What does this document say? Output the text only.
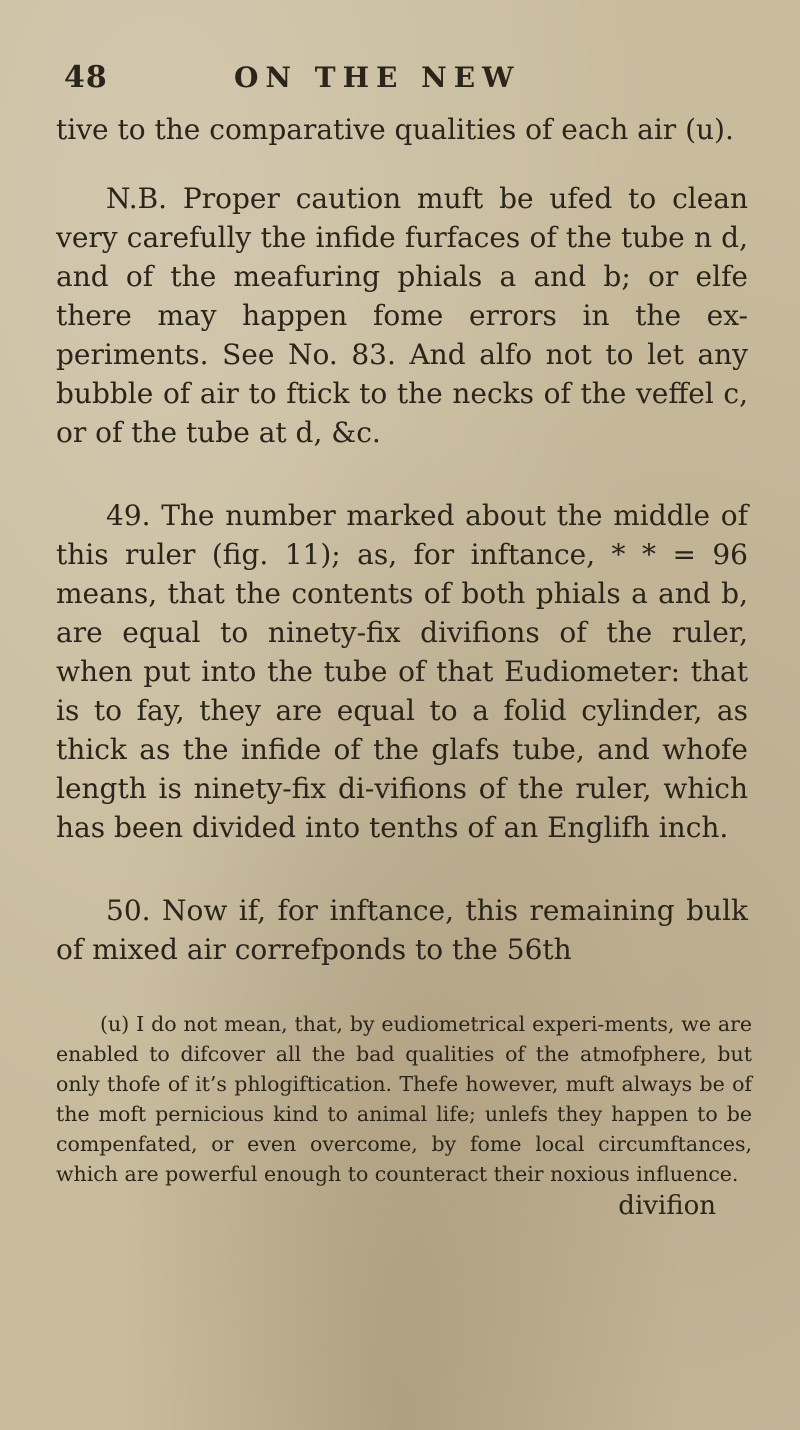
48	ON THE NEW

tive to the comparative qualities of each air (u).

N.B. Proper caution muft be ufed to clean very carefully the infide furfaces of the tube n d, and of the meafuring phials a and b; or elfe there may happen fome errors in the ex-periments. See No. 83. And alfo not to let any bubble of air to ftick to the necks of the veffel c, or of the tube at d, &c.

49. The number marked about the middle of this ruler (fig. 11); as, for inftance, * * = 96 means, that the contents of both phials a and b, are equal to ninety-fix divifions of the ruler, when put into the tube of that Eudiometer: that is to fay, they are equal to a folid cylinder, as thick as the infide of the glafs tube, and whofe length is ninety-fix di-vifions of the ruler, which has been divided into tenths of an Englifh inch.

50. Now if, for inftance, this remaining bulk of mixed air correfponds to the 56th

(u) I do not mean, that, by eudiometrical experi-ments, we are enabled to difcover all the bad qualities of the atmofphere, but only thofe of it’s phlogiftication. Thefe however, muft always be of the moft pernicious kind to animal life; unlefs they happen to be compenfated, or even overcome, by fome local circumftances, which are powerful enough to counteract their noxious influence.

divifion
